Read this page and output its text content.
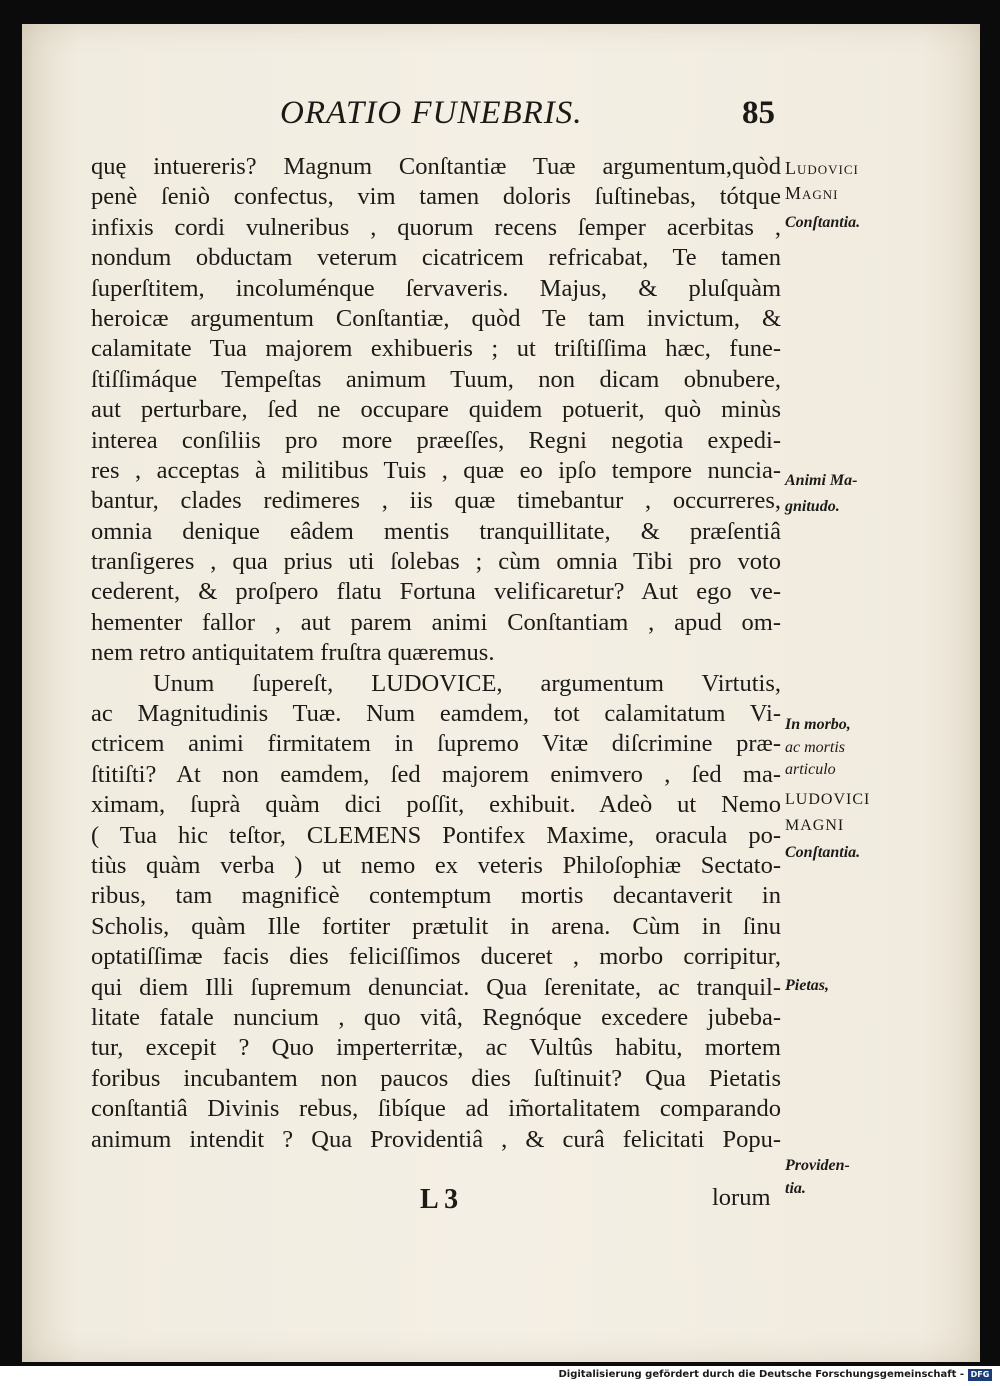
ORATIO FUNEBRIS.	85
quę intuereris? Magnum Conſtantiæ Tuæ argumentum,quòd
penè ſeniò confectus, vim tamen doloris ſuſtinebas, tótque
infixis cordi vulneribus , quorum recens ſemper acerbitas ,
nondum obductam veterum cicatricem refricabat, Te tamen
ſuperſtitem, incoluménque ſervaveris. Majus, & pluſquàm
heroicæ argumentum Conſtantiæ, quòd Te tam invictum, &
calamitate Tua majorem exhibueris ; ut triſtiſſima hæc, fune-
ſtiſſimáque Tempeſtas animum Tuum, non dicam obnubere,
aut perturbare, ſed ne occupare quidem potuerit, quò minùs
interea conſiliis pro more præeſſes, Regni negotia expedi-
res , acceptas à militibus Tuis , quæ eo ipſo tempore nuncia-
bantur, clades redimeres , iis quæ timebantur , occurreres,
omnia denique eâdem mentis tranquillitate, & præſentiâ
tranſigeres , qua prius uti ſolebas ; cùm omnia Tibi pro voto
cederent, & proſpero flatu Fortuna velificaretur? Aut ego ve-
hementer fallor , aut parem animi Conſtantiam , apud om-
nem retro antiquitatem fruſtra quæremus.
Unum ſupereſt, LUDOVICE, argumentum Virtutis,
ac Magnitudinis Tuæ. Num eamdem, tot calamitatum Vi-
ctricem animi firmitatem in ſupremo Vitæ diſcrimine præ-
ſtitiſti? At non eamdem, ſed majorem enimvero , ſed ma-
ximam, ſuprà quàm dici poſſit, exhibuit. Adeò ut Nemo
( Tua hic teſtor, CLEMENS Pontifex Maxime, oracula po-
tiùs quàm verba ) ut nemo ex veteris Philoſophiæ Sectato-
ribus, tam magnificè contemptum mortis decantaverit in
Scholis, quàm Ille fortiter prætulit in arena. Cùm in ſinu
optatiſſimæ facis dies feliciſſimos duceret , morbo corripitur,
qui diem Illi ſupremum denunciat. Qua ſerenitate, ac tranquil-
litate fatale nuncium , quo vitâ, Regnóque excedere jubeba-
tur, excepit ? Quo imperterritæ, ac Vultûs habitu, mortem
foribus incubantem non paucos dies ſuſtinuit? Qua Pietatis
conſtantiâ Divinis rebus, ſibíque ad im̃ortalitatem comparando
animum intendit ? Qua Providentiâ , & curâ felicitati Popu-
Ludovici
Magni
Conſtantia.
Animi Ma-
gnitudo.
In morbo,
ac mortis
articulo
LUDOVICI
MAGNI
Conſtantia.
Pietas,
Providen-
tia.
L 3	lorum
Digitalisierung gefördert durch die Deutsche Forschungsgemeinschaft - DFG
